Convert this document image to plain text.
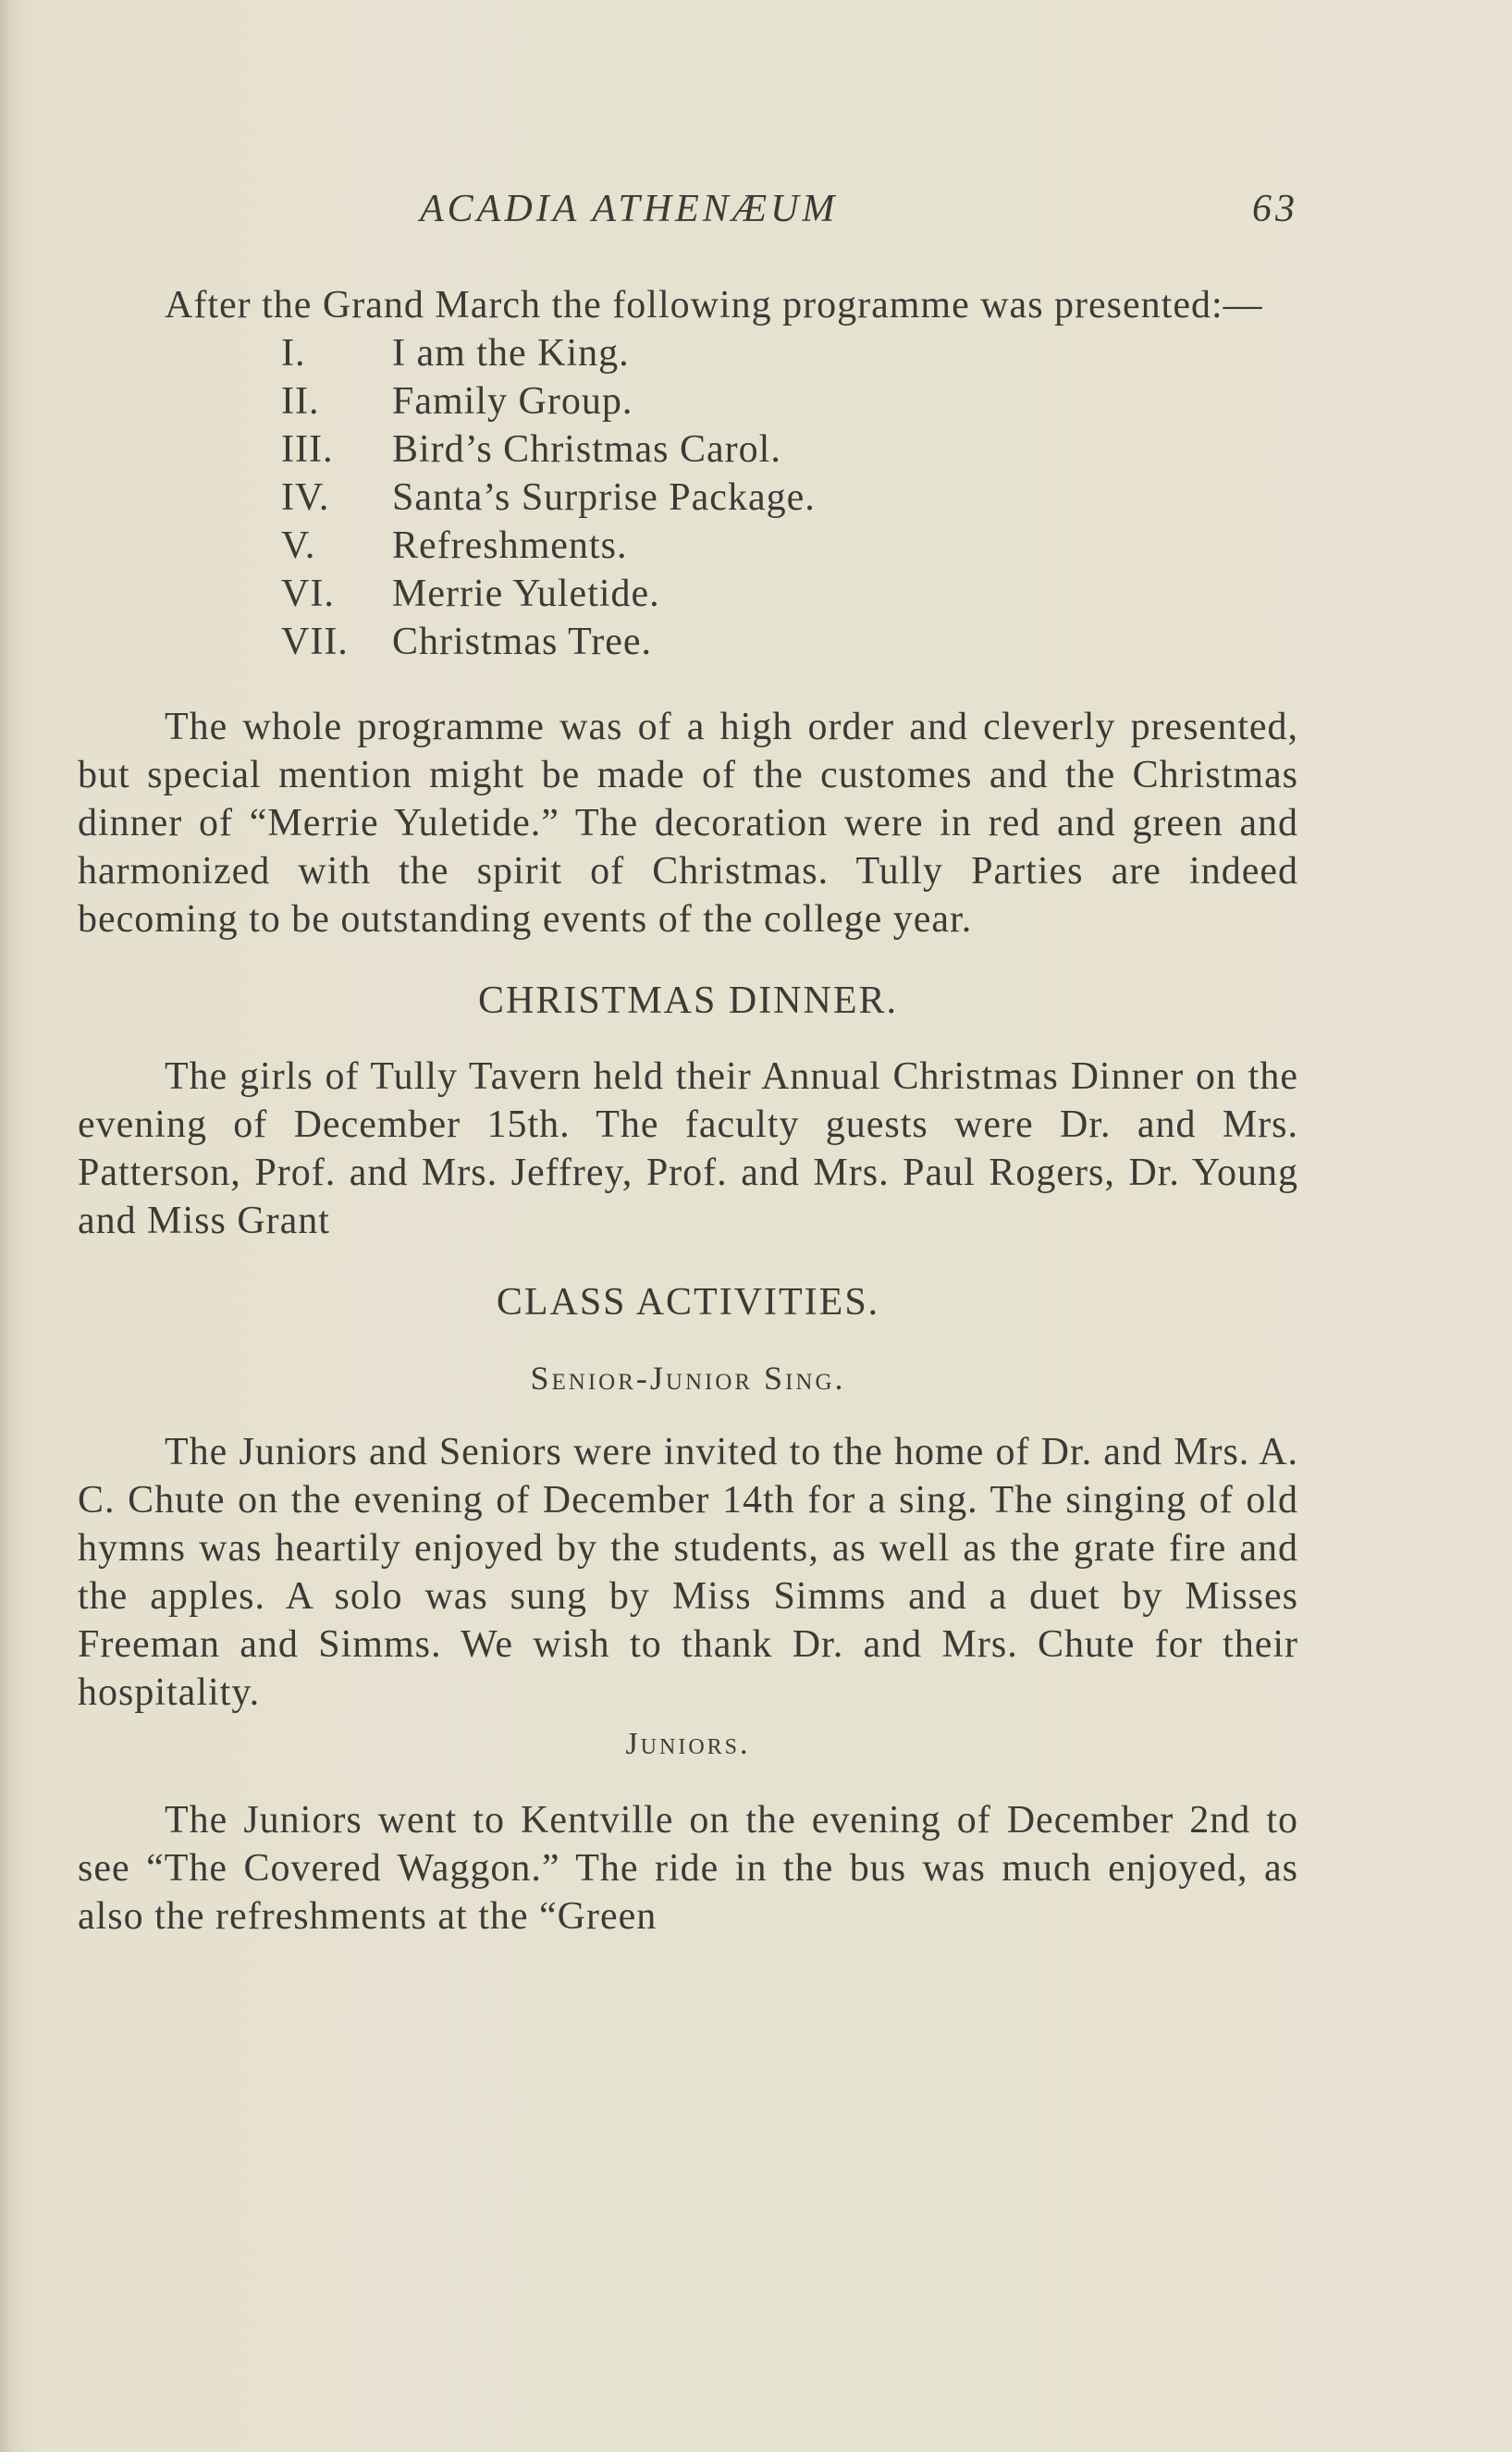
ACADIA ATHENÆUM	63

After the Grand March the following programme was presented:—

I.	I am the King.
II.	Family Group.
III.	Bird’s Christmas Carol.
IV.	Santa’s Surprise Package.
V.	Refreshments.
VI.	Merrie Yuletide.
VII.	Christmas Tree.

The whole programme was of a high order and cleverly presented, but special mention might be made of the customes and the Christmas dinner of “Merrie Yuletide.” The decoration were in red and green and harmonized with the spirit of Christmas. Tully Parties are indeed becoming to be outstanding events of the college year.

CHRISTMAS DINNER.

The girls of Tully Tavern held their Annual Christmas Dinner on the evening of December 15th. The faculty guests were Dr. and Mrs. Patterson, Prof. and Mrs. Jeffrey, Prof. and Mrs. Paul Rogers, Dr. Young and Miss Grant

CLASS ACTIVITIES.
Senior-Junior Sing.

The Juniors and Seniors were invited to the home of Dr. and Mrs. A. C. Chute on the evening of December 14th for a sing. The singing of old hymns was heartily enjoyed by the students, as well as the grate fire and the apples. A solo was sung by Miss Simms and a duet by Misses Freeman and Simms. We wish to thank Dr. and Mrs. Chute for their hospitality.

Juniors.

The Juniors went to Kentville on the evening of December 2nd to see “The Covered Waggon.” The ride in the bus was much enjoyed, as also the refreshments at the “Green
